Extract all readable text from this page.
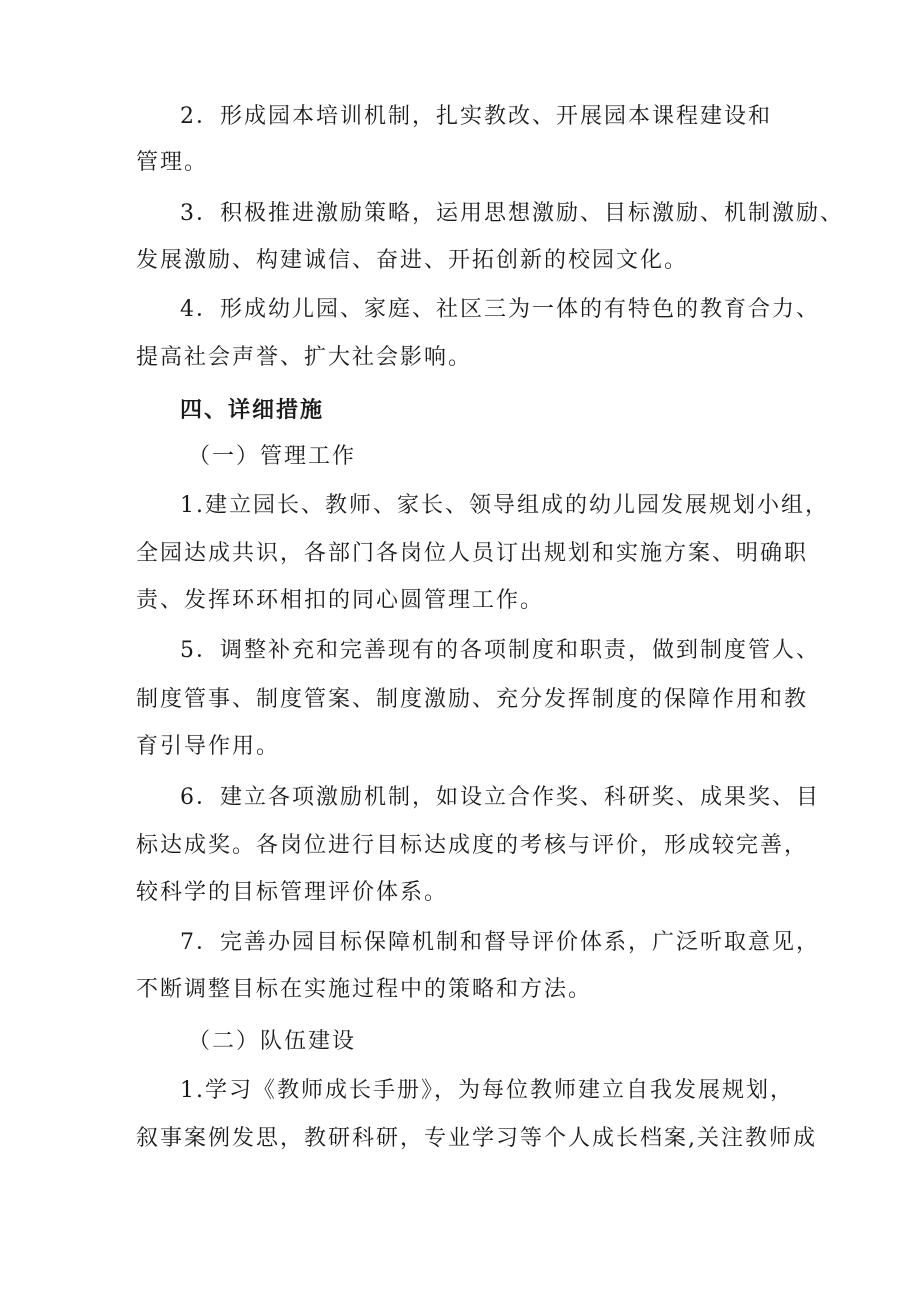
2．形成园本培训机制，扎实教改、开展园本课程建设和

管理。

3．积极推进激励策略，运用思想激励、目标激励、机制激励、

发展激励、构建诚信、奋进、开拓创新的校园文化。

4．形成幼儿园、家庭、社区三为一体的有特色的教育合力、

提高社会声誉、扩大社会影响。

四、详细措施

（一）管理工作

1.建立园长、教师、家长、领导组成的幼儿园发展规划小组，

全园达成共识，各部门各岗位人员订出规划和实施方案、明确职

责、发挥环环相扣的同心圆管理工作。

5．调整补充和完善现有的各项制度和职责，做到制度管人、

制度管事、制度管案、制度激励、充分发挥制度的保障作用和教

育引导作用。

6．建立各项激励机制，如设立合作奖、科研奖、成果奖、目

标达成奖。各岗位进行目标达成度的考核与评价，形成较完善，

较科学的目标管理评价体系。

7．完善办园目标保障机制和督导评价体系，广泛听取意见，

不断调整目标在实施过程中的策略和方法。

（二）队伍建设

1.学习《教师成长手册》，为每位教师建立自我发展规划，

叙事案例发思，教研科研，专业学习等个人成长档案,关注教师成
